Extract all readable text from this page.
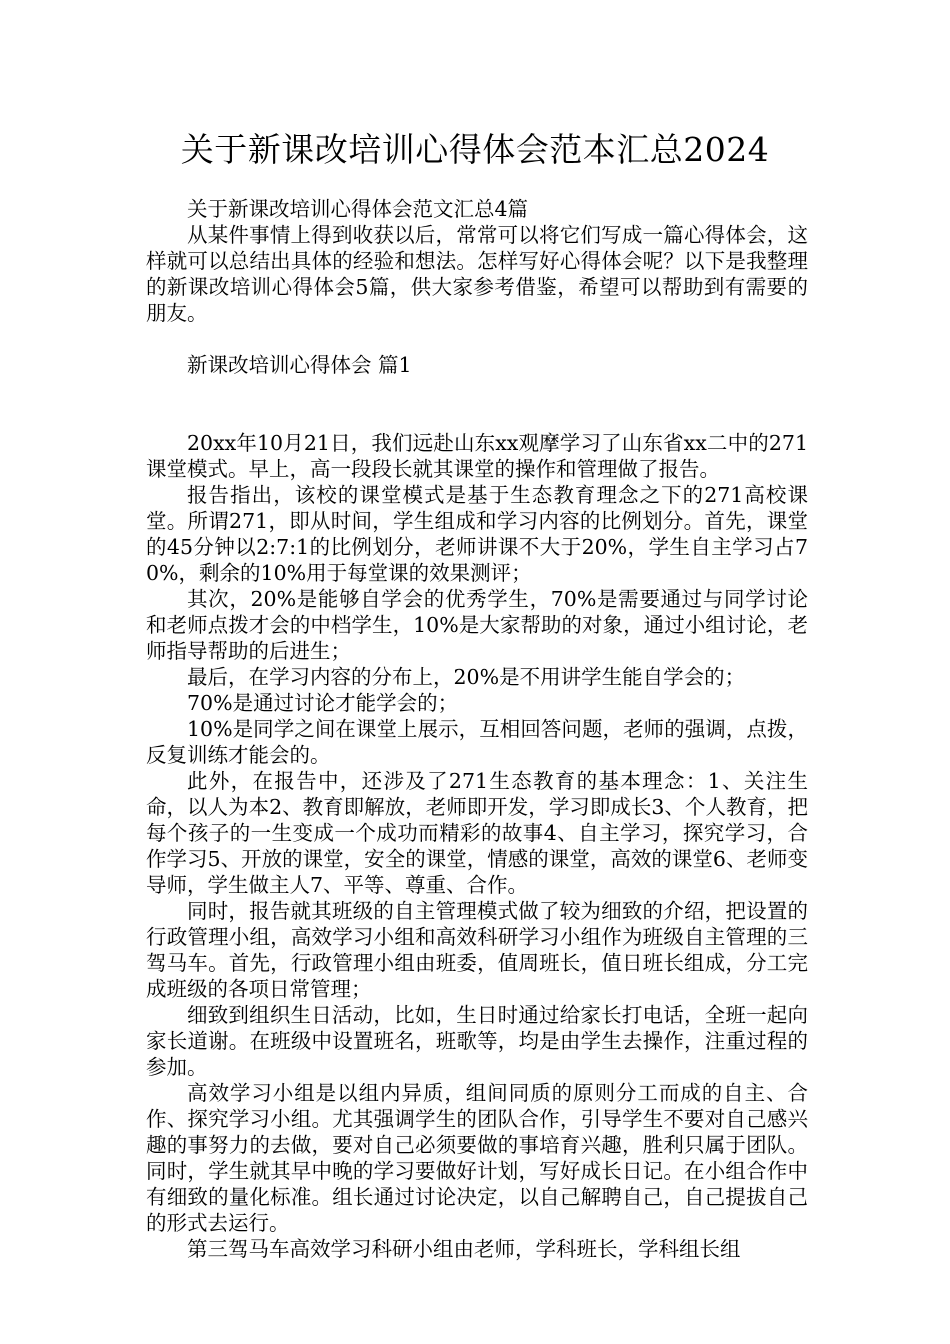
关于新课改培训心得体会范本汇总2024

关于新课改培训心得体会范文汇总4篇

从某件事情上得到收获以后，常常可以将它们写成一篇心得体会，这样就可以总结出具体的经验和想法。怎样写好心得体会呢？以下是我整理的新课改培训心得体会5篇，供大家参考借鉴，希望可以帮助到有需要的朋友。

新课改培训心得体会 篇1

20xx年10月21日，我们远赴山东xx观摩学习了山东省xx二中的271课堂模式。早上，高一段段长就其课堂的操作和管理做了报告。

报告指出，该校的课堂模式是基于生态教育理念之下的271高校课堂。所谓271，即从时间，学生组成和学习内容的比例划分。首先，课堂的45分钟以2:7:1的比例划分，老师讲课不大于20%，学生自主学习占70%，剩余的10%用于每堂课的效果测评；

其次，20%是能够自学会的优秀学生，70%是需要通过与同学讨论和老师点拨才会的中档学生，10%是大家帮助的对象，通过小组讨论，老师指导帮助的后进生；

最后，在学习内容的分布上，20%是不用讲学生能自学会的；

70%是通过讨论才能学会的；

10%是同学之间在课堂上展示，互相回答问题，老师的强调，点拨，反复训练才能会的。

此外，在报告中，还涉及了271生态教育的基本理念：1、关注生命，以人为本2、教育即解放，老师即开发，学习即成长3、个人教育，把每个孩子的一生变成一个成功而精彩的故事4、自主学习，探究学习，合作学习5、开放的课堂，安全的课堂，情感的课堂，高效的课堂6、老师变导师，学生做主人7、平等、尊重、合作。

同时，报告就其班级的自主管理模式做了较为细致的介绍，把设置的行政管理小组，高效学习小组和高效科研学习小组作为班级自主管理的三驾马车。首先，行政管理小组由班委，值周班长，值日班长组成，分工完成班级的各项日常管理；

细致到组织生日活动，比如，生日时通过给家长打电话，全班一起向家长道谢。在班级中设置班名，班歌等，均是由学生去操作，注重过程的参加。

高效学习小组是以组内异质，组间同质的原则分工而成的自主、合作、探究学习小组。尤其强调学生的团队合作，引导学生不要对自己感兴趣的事努力的去做，要对自己必须要做的事培育兴趣，胜利只属于团队。同时，学生就其早中晚的学习要做好计划，写好成长日记。在小组合作中有细致的量化标准。组长通过讨论决定，以自己解聘自己，自己提拔自己的形式去运行。

第三驾马车高效学习科研小组由老师，学科班长，学科组长组
